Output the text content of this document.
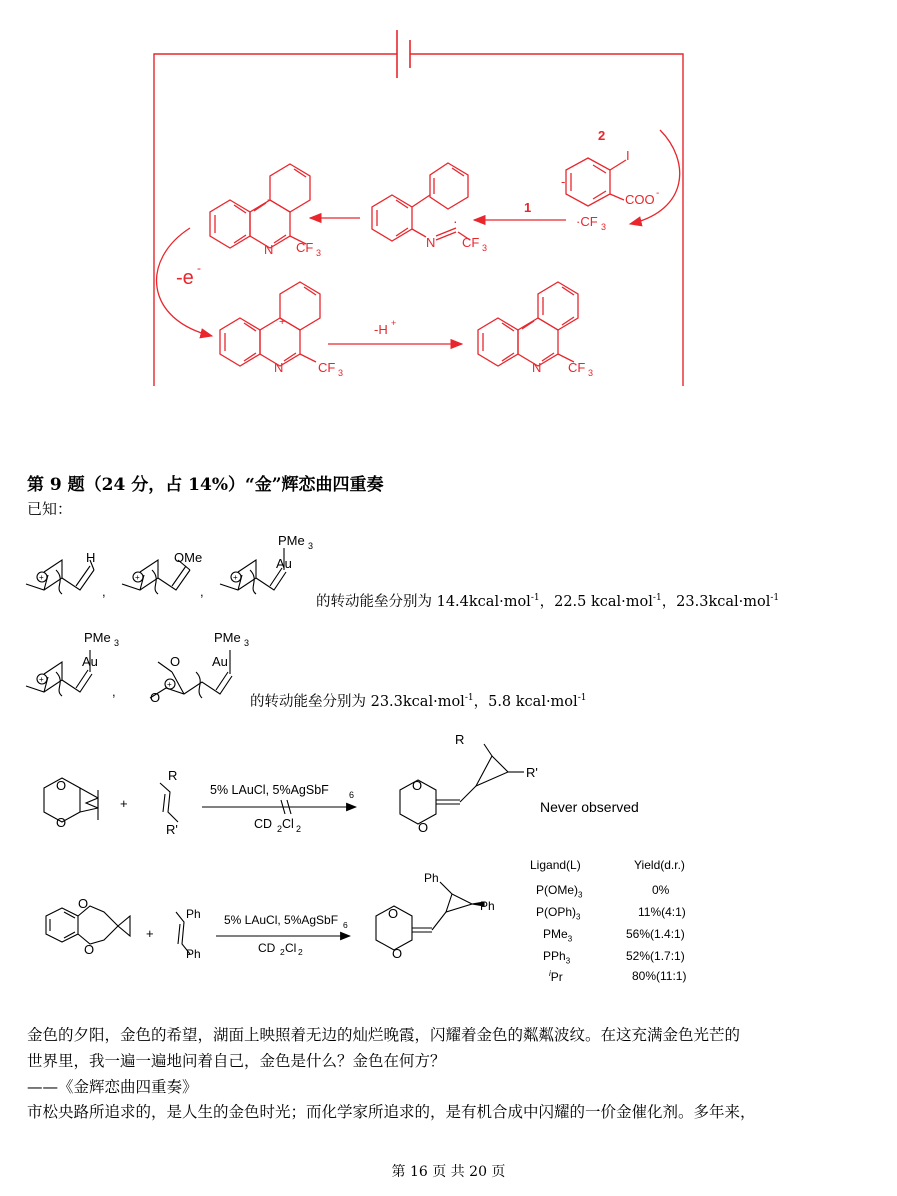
2
I
COO -
-
·CF 3
1
N
·
CF 3
N
·
CF 3
-e -
N
+
CF 3
-H +
N CF 3
+	+	+
+
+
H	OMe
PMe 3
Au
PMe 3
Au
PMe 3
Au
O
O
,	,
,
O
O
+
R
R'
5% LAuCl, 5%AgSbF 6
CD 2 Cl 2
O
O
R
R'
Never observed
O
O
+
Ph
Ph
5% LAuCl, 5%AgSbF 6
CD 2 Cl 2
O
O
Ph
Ph
Ligand(L)	Yield(d.r.)
$P(OMe)_3$	0%
$P(OPh)_3$	11%(4:1)
PMe$_3$	56%(1.4:1)
PPh$_3$	52%(1.7:1)
$^i$Pr	80%(11:1)
第 9 题（24 分，占 14%）“金”辉恋曲四重奏
已知：
的转动能垒分别为 14.4kcal·mol$^{-1}$，22.5 kcal·mol$^{-1}$，23.3kcal·mol$^{-1}$
的转动能垒分别为 23.3kcal·mol$^{-1}$，5.8 kcal·mol$^{-1}$
金色的夕阳，金色的希望，湖面上映照着无边的灿烂晚霞，闪耀着金色的粼粼波纹。在这充满金色光芒的
世界里，我一遍一遍地问着自己，金色是什么？金色在何方？
——《金辉恋曲四重奏》
市松央路所追求的，是人生的金色时光；而化学家所追求的，是有机合成中闪耀的一价金催化剂。多年来，
第 16 页 共 20 页
